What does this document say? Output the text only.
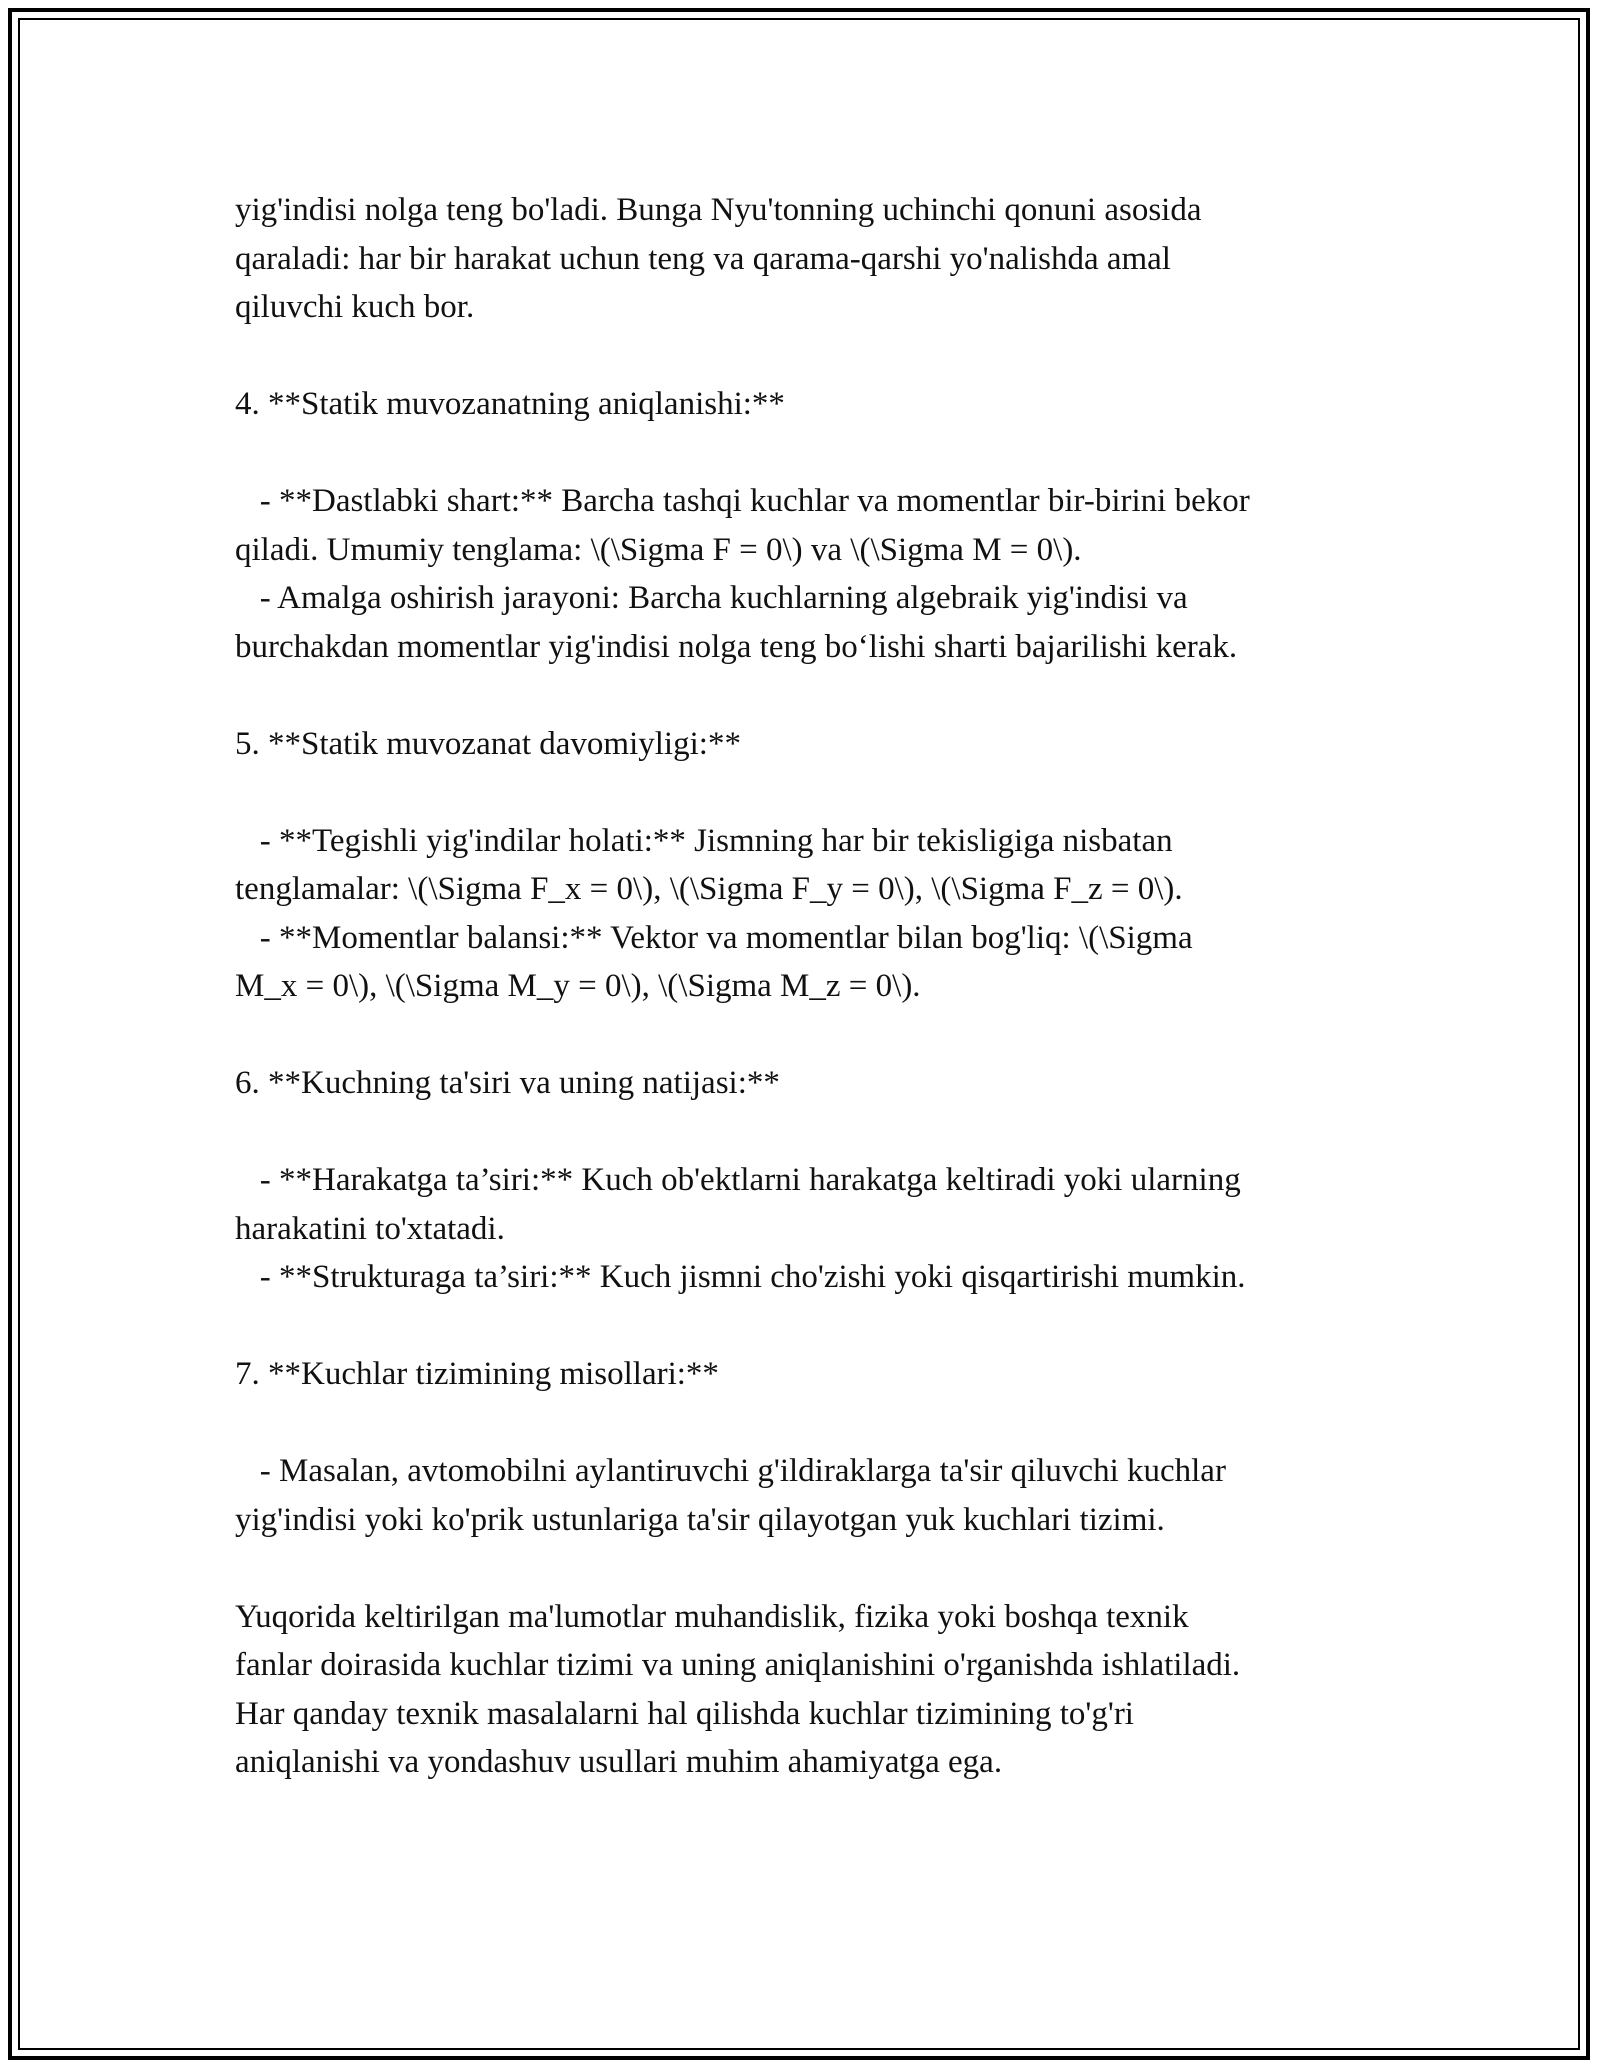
yig'indisi nolga teng bo'ladi. Bunga Nyu'tonning uchinchi qonuni asosida
qaraladi: har bir harakat uchun teng va qarama-qarshi yo'nalishda amal
qiluvchi kuch bor.

4. **Statik muvozanatning aniqlanishi:**

- **Dastlabki shart:** Barcha tashqi kuchlar va momentlar bir-birini bekor
qiladi. Umumiy tenglama: \(\Sigma F = 0\) va \(\Sigma M = 0\).
- Amalga oshirish jarayoni: Barcha kuchlarning algebraik yig'indisi va
burchakdan momentlar yig'indisi nolga teng bo‘lishi sharti bajarilishi kerak.

5. **Statik muvozanat davomiyligi:**

- **Tegishli yig'indilar holati:** Jismning har bir tekisligiga nisbatan
tenglamalar: \(\Sigma F_x = 0\), \(\Sigma F_y = 0\), \(\Sigma F_z = 0\).
- **Momentlar balansi:** Vektor va momentlar bilan bog'liq: \(\Sigma
M_x = 0\), \(\Sigma M_y = 0\), \(\Sigma M_z = 0\).

6. **Kuchning ta'siri va uning natijasi:**

- **Harakatga ta’siri:** Kuch ob'ektlarni harakatga keltiradi yoki ularning
harakatini to'xtatadi.
- **Strukturaga ta’siri:** Kuch jismni cho'zishi yoki qisqartirishi mumkin.

7. **Kuchlar tizimining misollari:**

- Masalan, avtomobilni aylantiruvchi g'ildiraklarga ta'sir qiluvchi kuchlar
yig'indisi yoki ko'prik ustunlariga ta'sir qilayotgan yuk kuchlari tizimi.

Yuqorida keltirilgan ma'lumotlar muhandislik, fizika yoki boshqa texnik
fanlar doirasida kuchlar tizimi va uning aniqlanishini o'rganishda ishlatiladi.
Har qanday texnik masalalarni hal qilishda kuchlar tizimining to'g'ri
aniqlanishi va yondashuv usullari muhim ahamiyatga ega.
